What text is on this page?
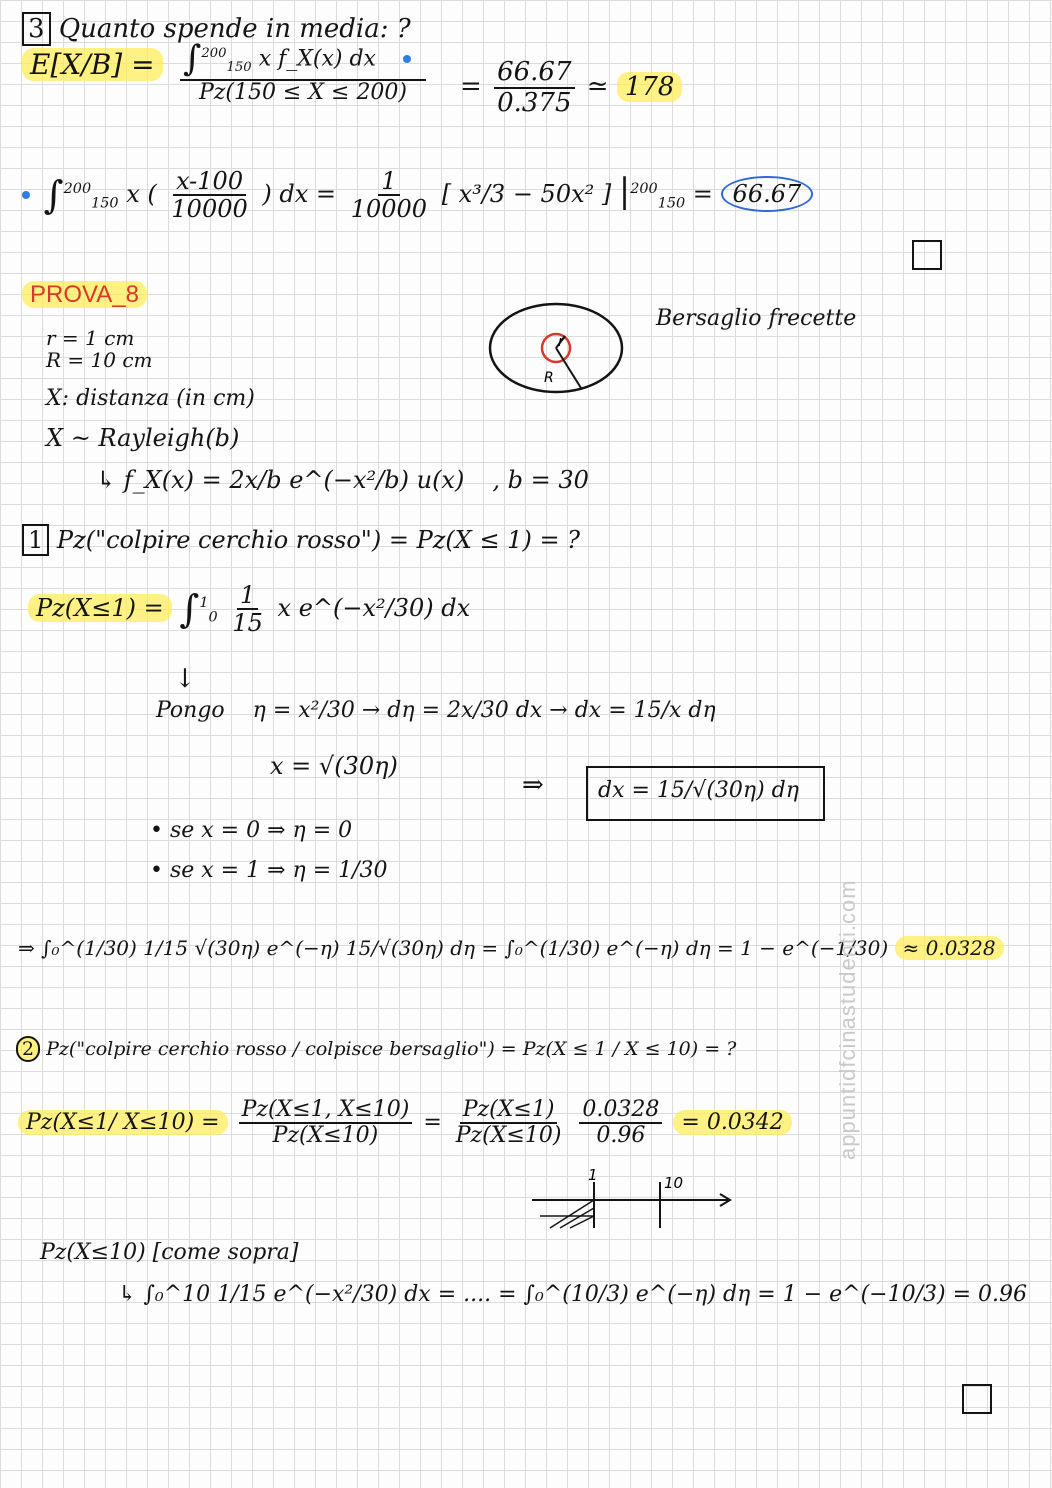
3 Quanto spende in media: ?
$E[X/B] = \frac{\int^{200}_{150} x f\_X(x) dx}{Pz(150 \le X \le 200)} = \frac{66.67}{0.375}$ ≃ 178
∫$^{200}_{150}$ x ( $\frac{x-100}{10000}$ ) dx = $\frac{1}{10000}$ [ x³/3 − 50x² ] $|^{200}_{150} = 66.67$
PROVA_8
r = 1 cm
R = 10 cm
X: distanza (in cm)
X ~ Rayleigh(b)
↳ f_X(x) = 2x/b e^(−x²/b) u(x) , b = 30
r
R
Bersaglio frecette
1 Pz("colpire cerchio rosso") = Pz(X ≤ 1) = ?
$Pz(X\le 1) = \int^1_0 \frac{1}{15}$ x e^(−x²/30) dx
↓
Pongo η = x²/30 → dη = 2x/30 dx → dx = 15/x dη
x = √(30η)
⇒	dx = 15/√(30η) dη
• se x = 0 ⇒ η = 0
• se x = 1 ⇒ η = 1/30
⇒ ∫₀^(1/30) 1/15 √(30η) e^(−η) 15/√(30η) dη = ∫₀^(1/30) e^(−η) dη = 1 − e^(−1/30) ≈ 0.0328
2 Pz("colpire cerchio rosso / colpisce bersaglio") = Pz(X ≤ 1 / X ≤ 10) = ?
Pz(X≤1/ $X\le 10) = \frac{Pz(X\le 1, X\le 10)}{Pz(X\le 10)} = \frac{Pz(X\le 1)}{Pz(X\le 10)}$
$\frac{0.0328}{0.96} = 0.0342$
1	10
Pz(X≤10) [come sopra]
↳ ∫₀^10 1/15 e^(−x²/30) dx = .... = ∫₀^(10/3) e^(−η) dη = 1 − e^(−10/3) = 0.96
appuntidfcinastudenti.com
